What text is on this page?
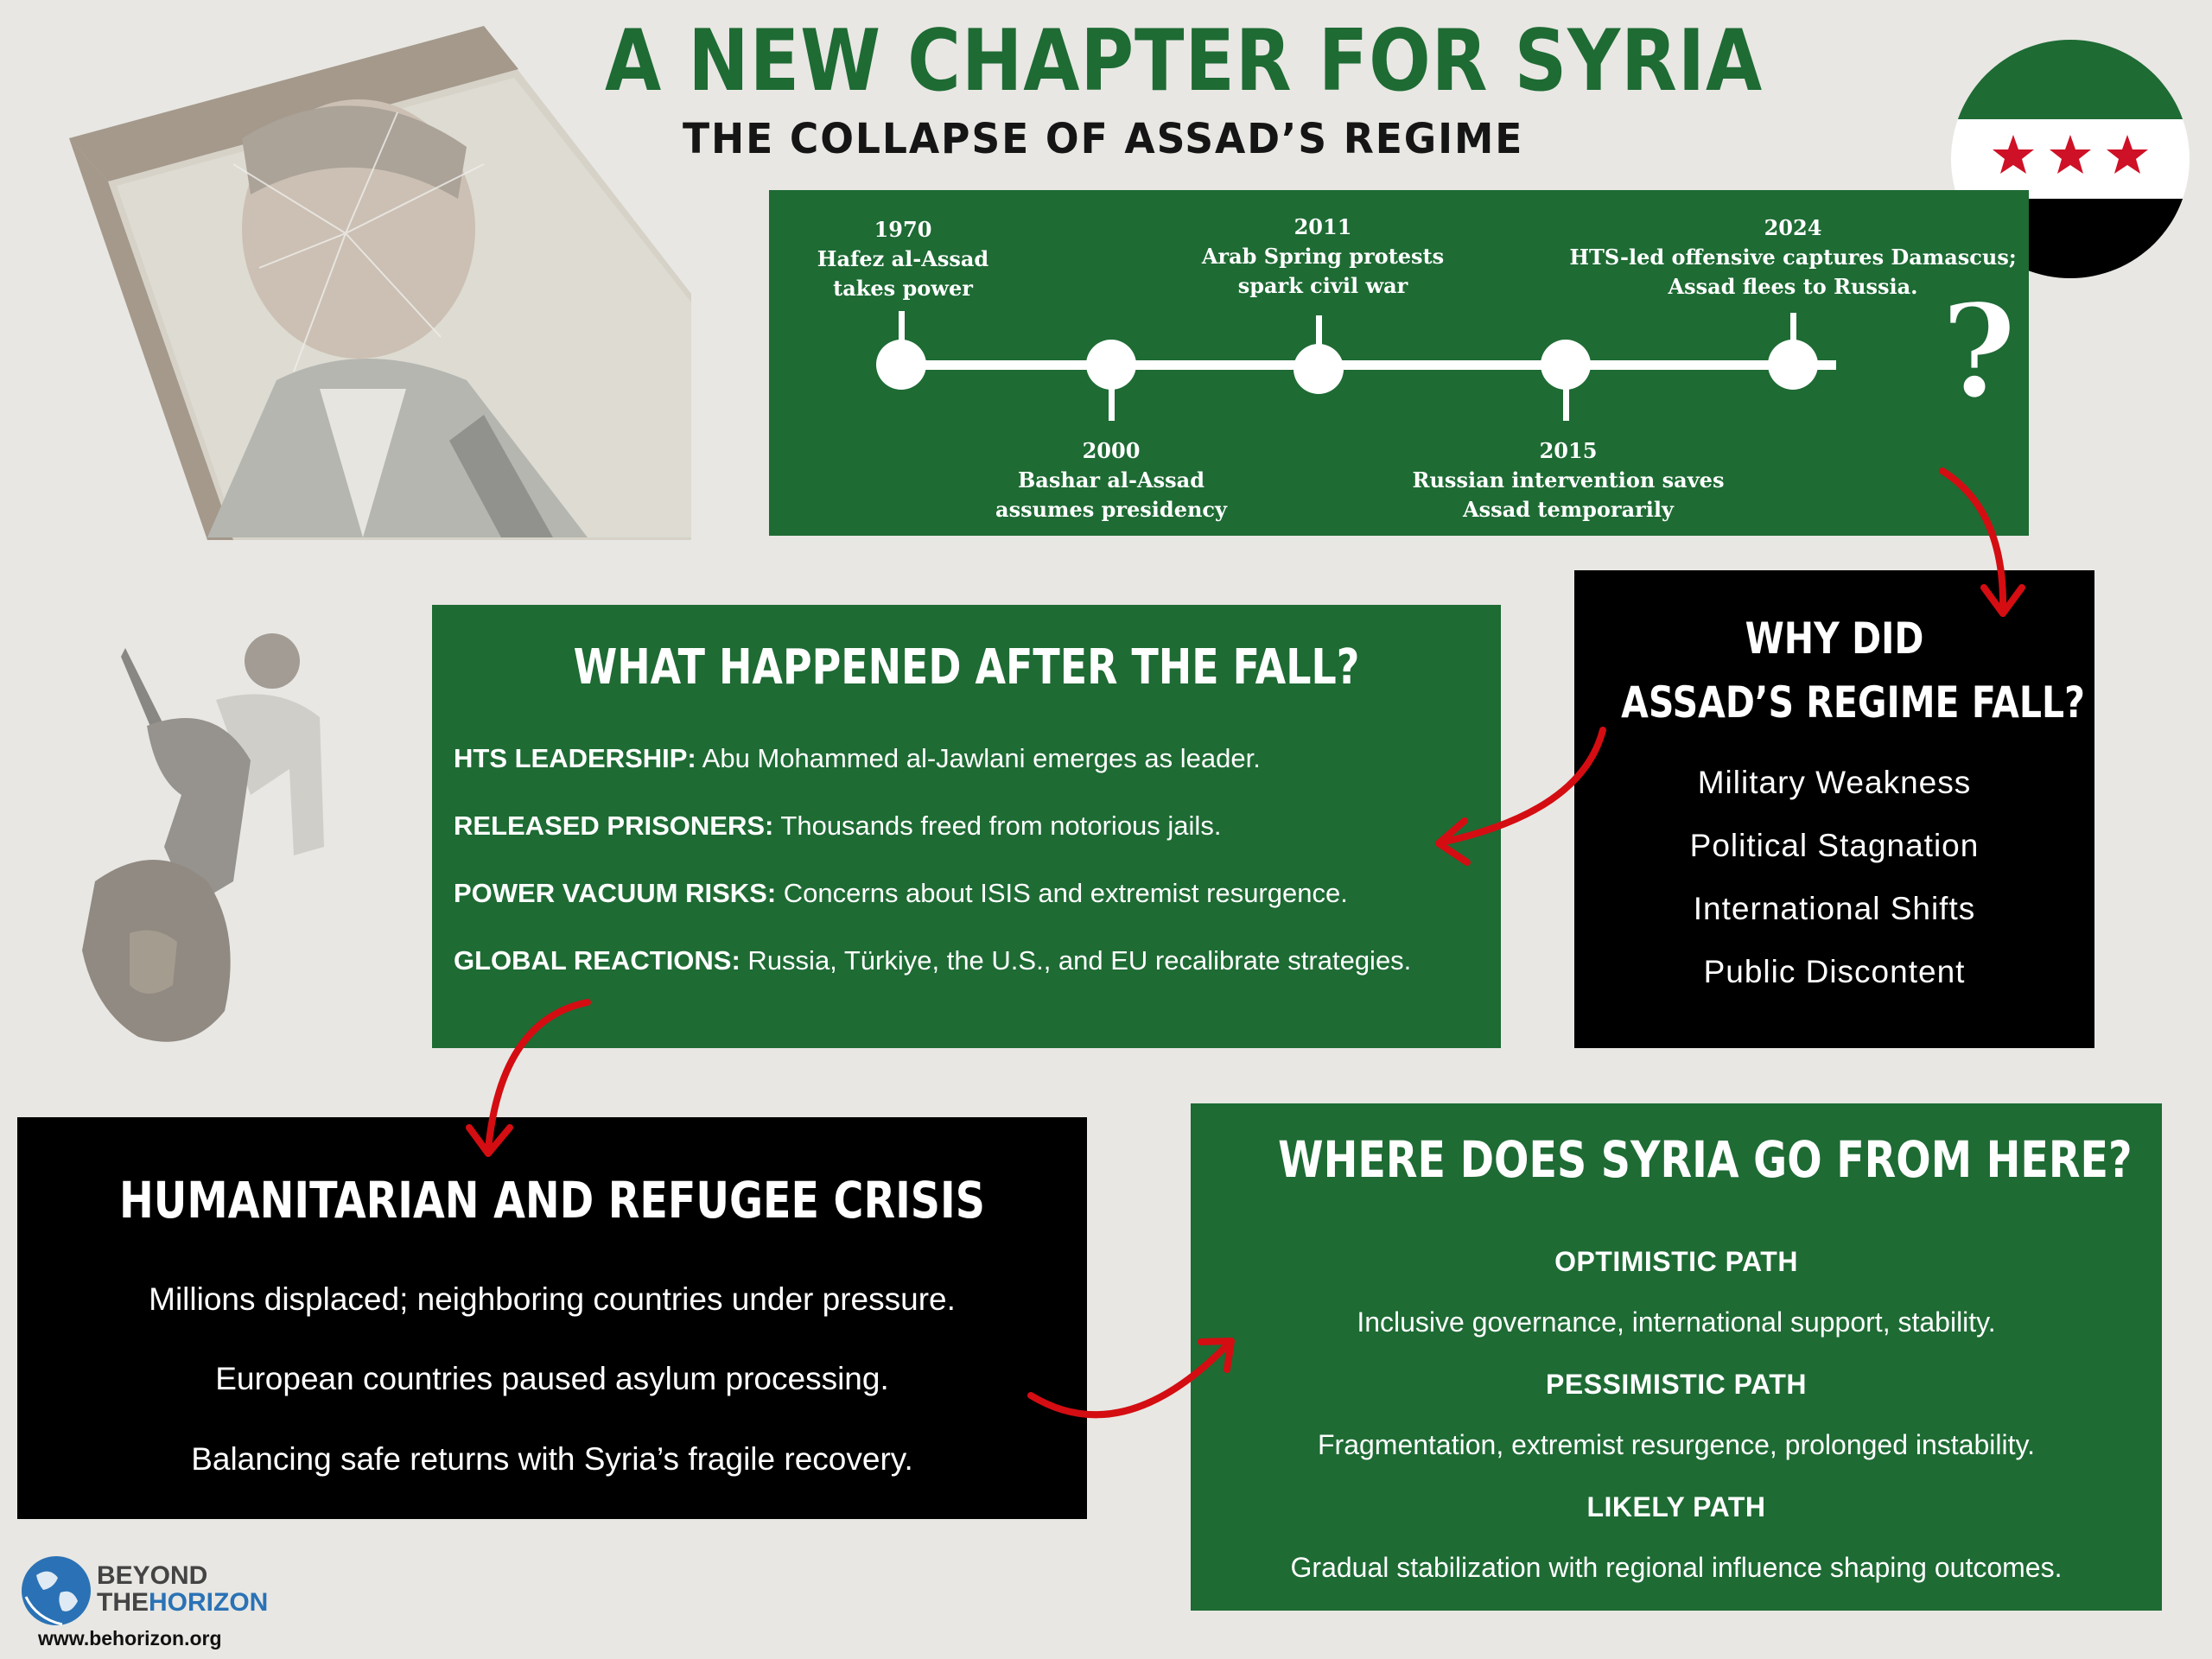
A NEW CHAPTER FOR SYRIA
THE COLLAPSE OF ASSAD’S REGIME
1970
Hafez al-Assad
takes power
2000
Bashar al-Assad
assumes presidency
2011
Arab Spring protests
spark civil war
2015
Russian intervention saves
Assad temporarily
2024
HTS-led offensive captures Damascus;
Assad flees to Russia. ?
WHY DID
ASSAD’S REGIME FALL?
Military Weakness
Political Stagnation
International Shifts
Public Discontent
WHAT HAPPENED AFTER THE FALL?
HTS LEADERSHIP: Abu Mohammed al-Jawlani emerges as leader.
RELEASED PRISONERS: Thousands freed from notorious jails.
POWER VACUUM RISKS: Concerns about ISIS and extremist resurgence.
GLOBAL REACTIONS: Russia, Türkiye, the U.S., and EU recalibrate strategies.
HUMANITARIAN AND REFUGEE CRISIS
Millions displaced; neighboring countries under pressure.
European countries paused asylum processing.
Balancing safe returns with Syria’s fragile recovery.
WHERE DOES SYRIA GO FROM HERE?
OPTIMISTIC PATH
Inclusive governance, international support, stability.
PESSIMISTIC PATH
Fragmentation, extremist resurgence, prolonged instability.
LIKELY PATH
Gradual stabilization with regional influence shaping outcomes.
BEYOND
THEHORIZON
www.behorizon.org
